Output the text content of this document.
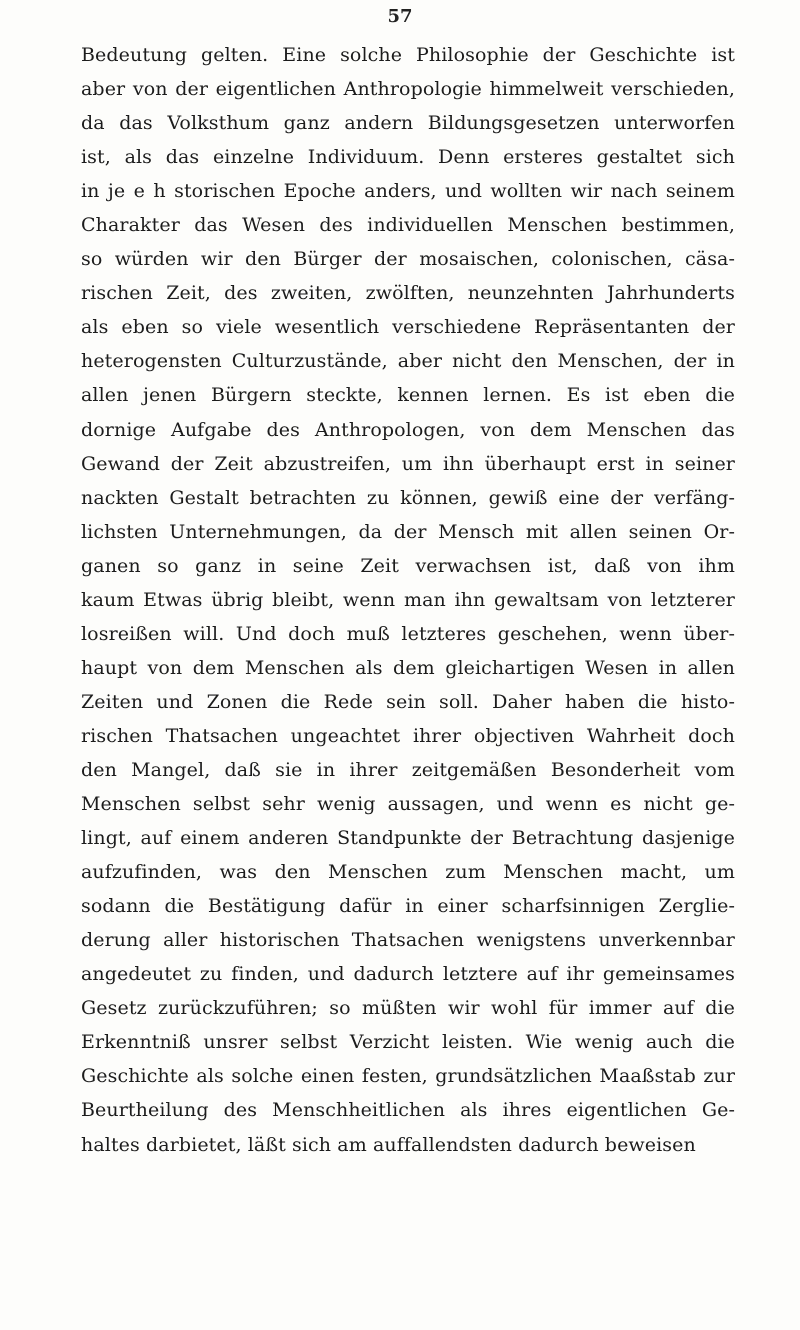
57
Bedeutung gelten. Eine solche Philosophie der Geschichte ist
aber von der eigentlichen Anthropologie himmelweit verschieden,
da das Volksthum ganz andern Bildungsgesetzen unterworfen
ist, als das einzelne Individuum. Denn ersteres gestaltet sich
in je e h storischen Epoche anders, und wollten wir nach seinem
Charakter das Wesen des individuellen Menschen bestimmen,
so würden wir den Bürger der mosaischen, colonischen, cäsa-
rischen Zeit, des zweiten, zwölften, neunzehnten Jahrhunderts
als eben so viele wesentlich verschiedene Repräsentanten der
heterogensten Culturzustände, aber nicht den Menschen, der in
allen jenen Bürgern steckte, kennen lernen. Es ist eben die
dornige Aufgabe des Anthropologen, von dem Menschen das
Gewand der Zeit abzustreifen, um ihn überhaupt erst in seiner
nackten Gestalt betrachten zu können, gewiß eine der verfäng-
lichsten Unternehmungen, da der Mensch mit allen seinen Or-
ganen so ganz in seine Zeit verwachsen ist, daß von ihm
kaum Etwas übrig bleibt, wenn man ihn gewaltsam von letzterer
losreißen will. Und doch muß letzteres geschehen, wenn über-
haupt von dem Menschen als dem gleichartigen Wesen in allen
Zeiten und Zonen die Rede sein soll. Daher haben die histo-
rischen Thatsachen ungeachtet ihrer objectiven Wahrheit doch
den Mangel, daß sie in ihrer zeitgemäßen Besonderheit vom
Menschen selbst sehr wenig aussagen, und wenn es nicht ge-
lingt, auf einem anderen Standpunkte der Betrachtung dasjenige
aufzufinden, was den Menschen zum Menschen macht, um
sodann die Bestätigung dafür in einer scharfsinnigen Zerglie-
derung aller historischen Thatsachen wenigstens unverkennbar
angedeutet zu finden, und dadurch letztere auf ihr gemeinsames
Gesetz zurückzuführen; so müßten wir wohl für immer auf die
Erkenntniß unsrer selbst Verzicht leisten. Wie wenig auch die
Geschichte als solche einen festen, grundsätzlichen Maaßstab zur
Beurtheilung des Menschheitlichen als ihres eigentlichen Ge-
haltes darbietet, läßt sich am auffallendsten dadurch beweisen
